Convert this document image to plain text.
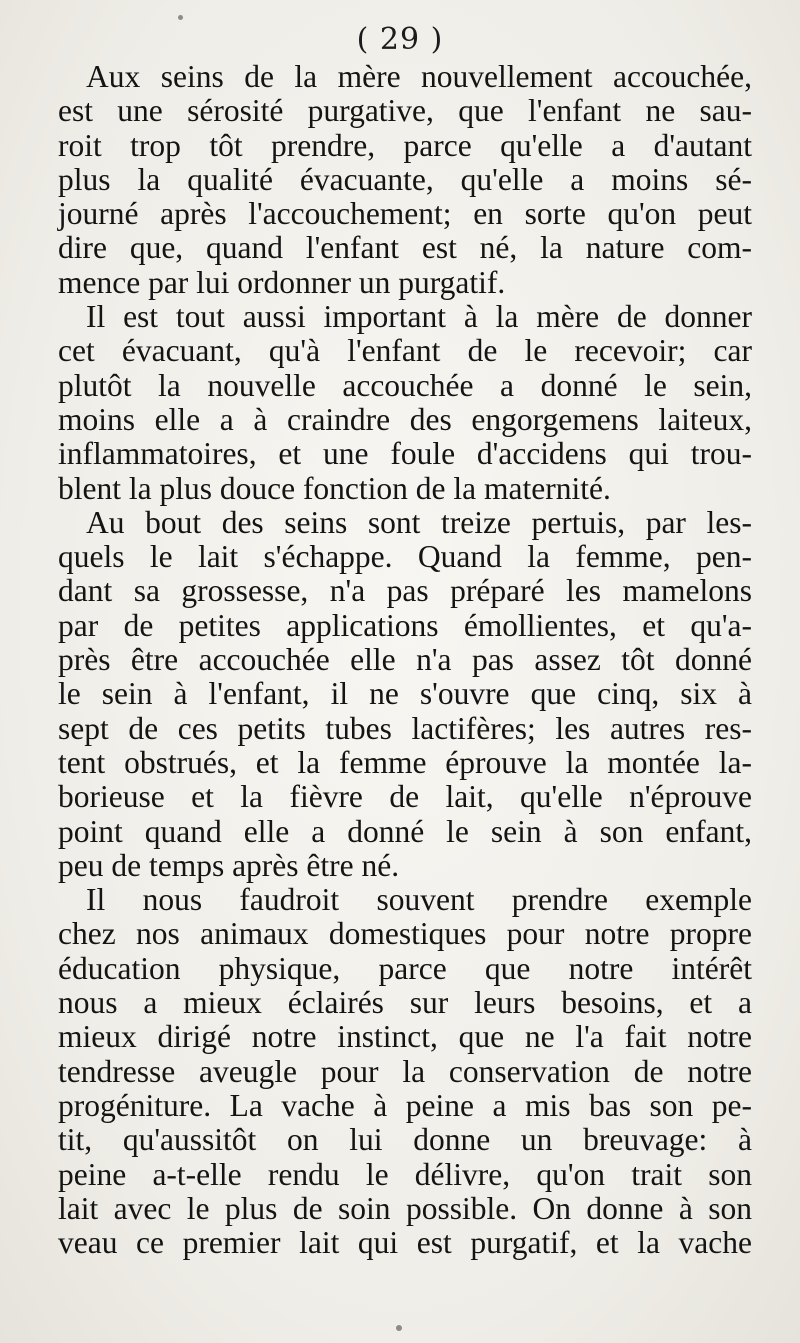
( 29 )
Aux seins de la mère nouvellement accouchée,
est une sérosité purgative, que l'enfant ne sau-
roit trop tôt prendre, parce qu'elle a d'autant
plus la qualité évacuante, qu'elle a moins sé-
journé après l'accouchement; en sorte qu'on peut
dire que, quand l'enfant est né, la nature com-
mence par lui ordonner un purgatif.
Il est tout aussi important à la mère de donner
cet évacuant, qu'à l'enfant de le recevoir; car
plutôt la nouvelle accouchée a donné le sein,
moins elle a à craindre des engorgemens laiteux,
inflammatoires, et une foule d'accidens qui trou-
blent la plus douce fonction de la maternité.
Au bout des seins sont treize pertuis, par les-
quels le lait s'échappe. Quand la femme, pen-
dant sa grossesse, n'a pas préparé les mamelons
par de petites applications émollientes, et qu'a-
près être accouchée elle n'a pas assez tôt donné
le sein à l'enfant, il ne s'ouvre que cinq, six à
sept de ces petits tubes lactifères; les autres res-
tent obstrués, et la femme éprouve la montée la-
borieuse et la fièvre de lait, qu'elle n'éprouve
point quand elle a donné le sein à son enfant,
peu de temps après être né.
Il nous faudroit souvent prendre exemple
chez nos animaux domestiques pour notre propre
éducation physique, parce que notre intérêt
nous a mieux éclairés sur leurs besoins, et a
mieux dirigé notre instinct, que ne l'a fait notre
tendresse aveugle pour la conservation de notre
progéniture. La vache à peine a mis bas son pe-
tit, qu'aussitôt on lui donne un breuvage: à
peine a-t-elle rendu le délivre, qu'on trait son
lait avec le plus de soin possible. On donne à son
veau ce premier lait qui est purgatif, et la vache
